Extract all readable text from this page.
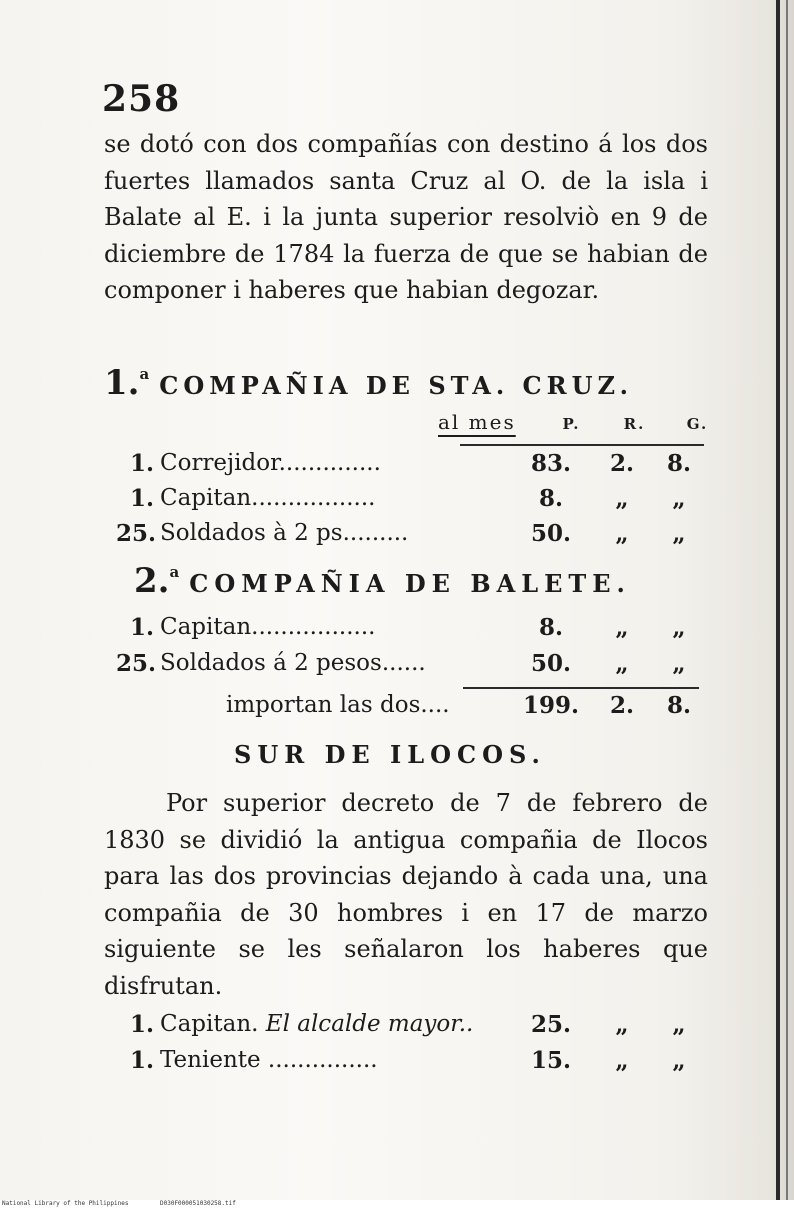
258
se dotó con dos compañías con destino á los dos fuertes llamados santa Cruz al O. de la isla i Balate al E. i la junta superior resolviò en 9 de diciembre de 1784 la fuerza de que se habian de componer i haberes que habian degozar.
1.$^a$ COMPAÑIA DE STA. CRUZ.
al mes	P.	R.	G.
1. Correjidor..............	83.	2.	8.
1. Capitan.................	8.	„	„
25. Soldados à 2 ps.........	50.	„	„
2.$^a$ COMPAÑIA DE BALETE.
1. Capitan.................	8.	„	„
25. Soldados á 2 pesos......	50.	„	„
importan las dos....	199.	2.	8.
SUR DE ILOCOS.
Por superior decreto de 7 de febrero de 1830 se dividió la antigua compañia de Ilocos para las dos provincias dejando à cada una, una compañia de 30 hombres i en 17 de marzo siguiente se les señalaron los haberes que disfrutan.
1. Capitan. El alcalde mayor..	25.	„	„
1. Teniente ...............	15.	„	„
National Library of the Philippines	D030F000051030258.tif
